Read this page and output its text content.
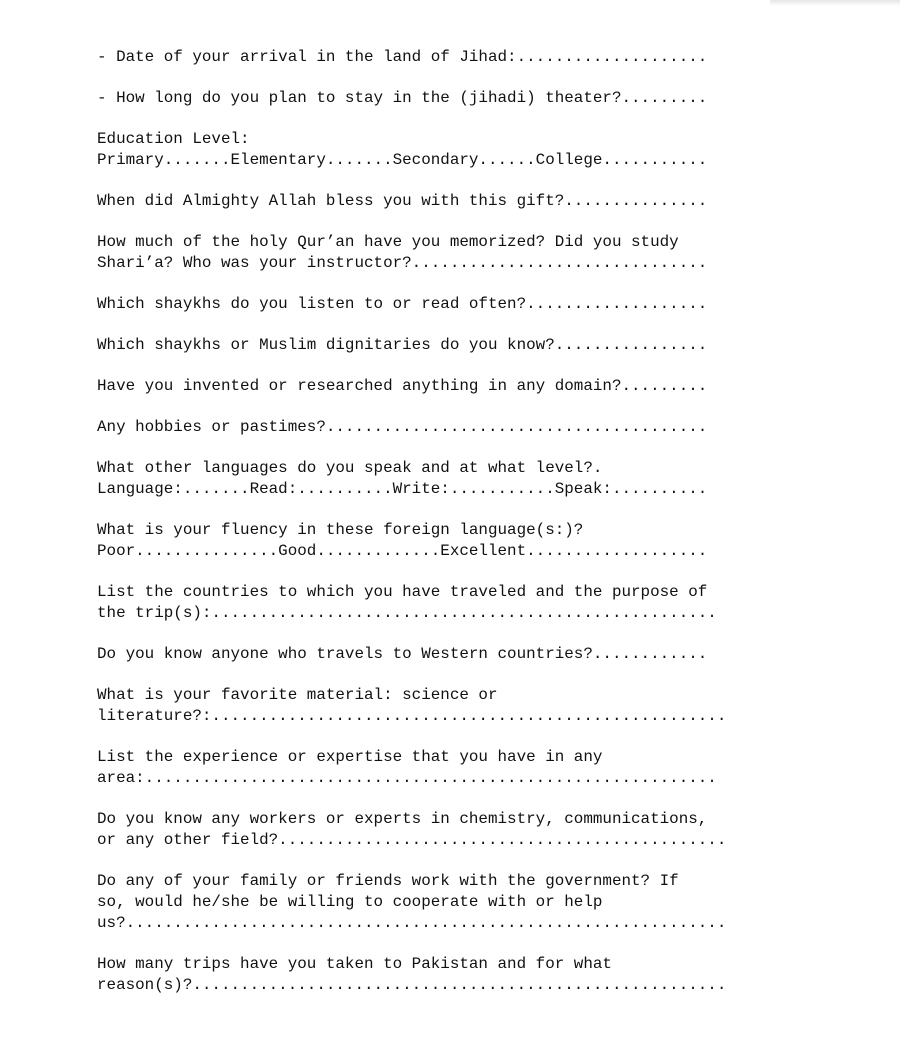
- Date of your arrival in the land of Jihad:....................
- How long do you plan to stay in the (jihadi) theater?.........
Education Level:
Primary.......Elementary.......Secondary......College...........
When did Almighty Allah bless you with this gift?...............
How much of the holy Qur’an have you memorized? Did you study
Shari’a? Who was your instructor?...............................
Which shaykhs do you listen to or read often?...................
Which shaykhs or Muslim dignitaries do you know?................
Have you invented or researched anything in any domain?.........
Any hobbies or pastimes?........................................
What other languages do you speak and at what level?.
Language:.......Read:..........Write:...........Speak:..........
What is your fluency in these foreign language(s:)?
Poor...............Good.............Excellent...................
List the countries to which you have traveled and the purpose of
the trip(s):.....................................................
Do you know anyone who travels to Western countries?............
What is your favorite material: science or
literature?:......................................................
List the experience or expertise that you have in any
area:............................................................
Do you know any workers or experts in chemistry, communications,
or any other field?...............................................
Do any of your family or friends work with the government? If
so, would he/she be willing to cooperate with or help
us?...............................................................
How many trips have you taken to Pakistan and for what
reason(s)?........................................................
